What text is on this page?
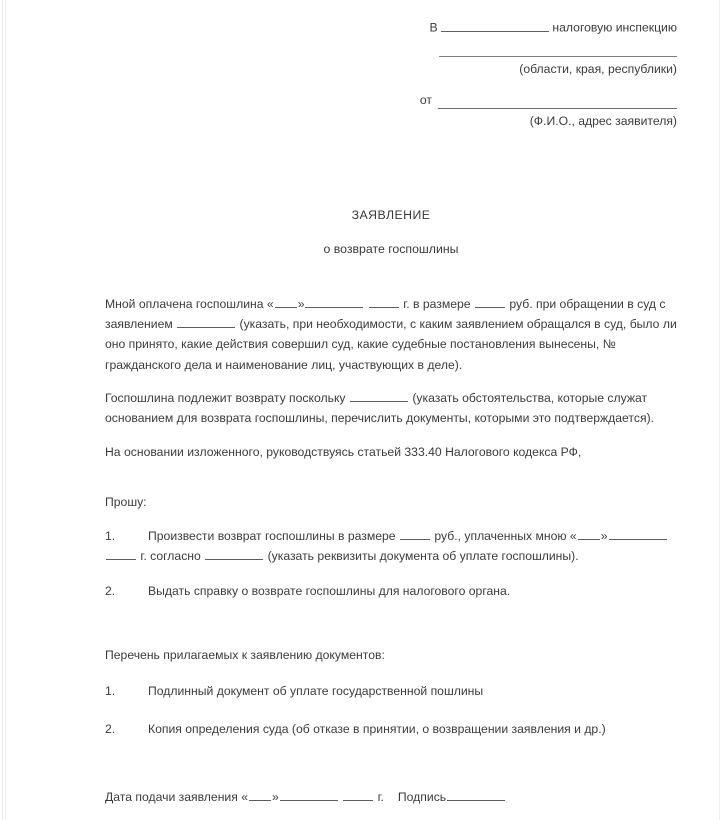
В	налоговую инспекцию
(области, края, республики)
от
(Ф.И.О., адрес заявителя)
ЗАЯВЛЕНИЕ
о возврате госпошлины

Мной оплачена госпошлина « »	г. в размере	руб. при обращении в суд с заявлением	(указать, при необходимости, с каким заявлением обращался в суд, было ли оно принято, какие действия совершил суд, какие судебные постановления вынесены, № гражданского дела и наименование лиц, участвующих в деле).

Госпошлина подлежит возврату поскольку	(указать обстоятельства, которые служат основанием для возврата госпошлины, перечислить документы, которыми это подтверждается).

На основании изложенного, руководствуясь статьей 333.40 Налогового кодекса РФ,

Прошу:

1.	Произвести возврат госпошлины в размере	руб., уплаченных мною « »  г. согласно	(указать реквизиты документа об уплате госпошлины).
2.	Выдать справку о возврате госпошлины для налогового органа.

Перечень прилагаемых к заявлению документов:

1.	Подлинный документ об уплате государственной пошлины
2.	Копия определения суда (об отказе в принятии, о возвращении заявления и др.)
Дата подачи заявления « »	г. Подпись
